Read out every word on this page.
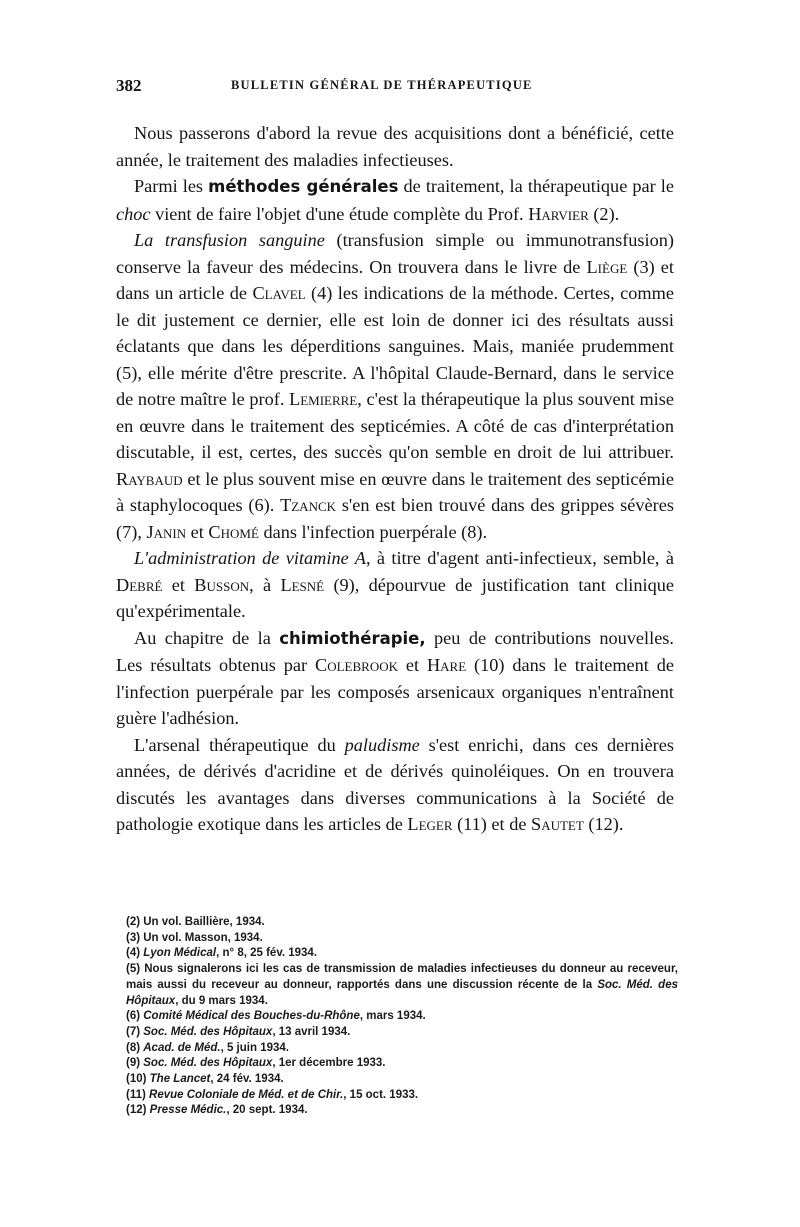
382	BULLETIN GÉNÉRAL DE THÉRAPEUTIQUE

Nous passerons d'abord la revue des acquisitions dont a bénéficié, cette année, le traitement des maladies infectieuses.

Parmi les méthodes générales de traitement, la thérapeutique par le choc vient de faire l'objet d'une étude complète du Prof. Harvier (2).

La transfusion sanguine (transfusion simple ou immunotransfusion) conserve la faveur des médecins. On trouvera dans le livre de Liège (3) et dans un article de Clavel (4) les indications de la méthode. Certes, comme le dit justement ce dernier, elle est loin de donner ici des résultats aussi éclatants que dans les déperditions sanguines. Mais, maniée prudemment (5), elle mérite d'être prescrite. A l'hôpital Claude-Bernard, dans le service de notre maître le prof. Lemierre, c'est la thérapeutique la plus souvent mise en œuvre dans le traitement des septicémies. A côté de cas d'interprétation discutable, il est, certes, des succès qu'on semble en droit de lui attribuer. Raybaud et le plus souvent mise en œuvre dans le traitement des septicémie à staphylocoques (6). Tzanck s'en est bien trouvé dans des grippes sévères (7), Janin et Chomé dans l'infection puerpérale (8).

L'administration de vitamine A, à titre d'agent anti-infectieux, semble, à Debré et Busson, à Lesné (9), dépourvue de justification tant clinique qu'expérimentale.

Au chapitre de la chimiothérapie, peu de contributions nouvelles. Les résultats obtenus par Colebrook et Hare (10) dans le traitement de l'infection puerpérale par les composés arsenicaux organiques n'entraînent guère l'adhésion.

L'arsenal thérapeutique du paludisme s'est enrichi, dans ces dernières années, de dérivés d'acridine et de dérivés quinoléiques. On en trouvera discutés les avantages dans diverses communications à la Société de pathologie exotique dans les articles de Leger (11) et de Sautet (12).

(2) Un vol. Baillière, 1934.
(3) Un vol. Masson, 1934.
(4) Lyon Médical, n° 8, 25 fév. 1934.
(5) Nous signalerons ici les cas de transmission de maladies infectieuses du donneur au receveur, mais aussi du receveur au donneur, rapportés dans une discussion récente de la Soc. Méd. des Hôpitaux, du 9 mars 1934.
(6) Comité Médical des Bouches-du-Rhône, mars 1934.
(7) Soc. Méd. des Hôpitaux, 13 avril 1934.
(8) Acad. de Méd., 5 juin 1934.
(9) Soc. Méd. des Hôpitaux, 1er décembre 1933.
(10) The Lancet, 24 fév. 1934.
(11) Revue Coloniale de Méd. et de Chir., 15 oct. 1933.
(12) Presse Médic., 20 sept. 1934.
